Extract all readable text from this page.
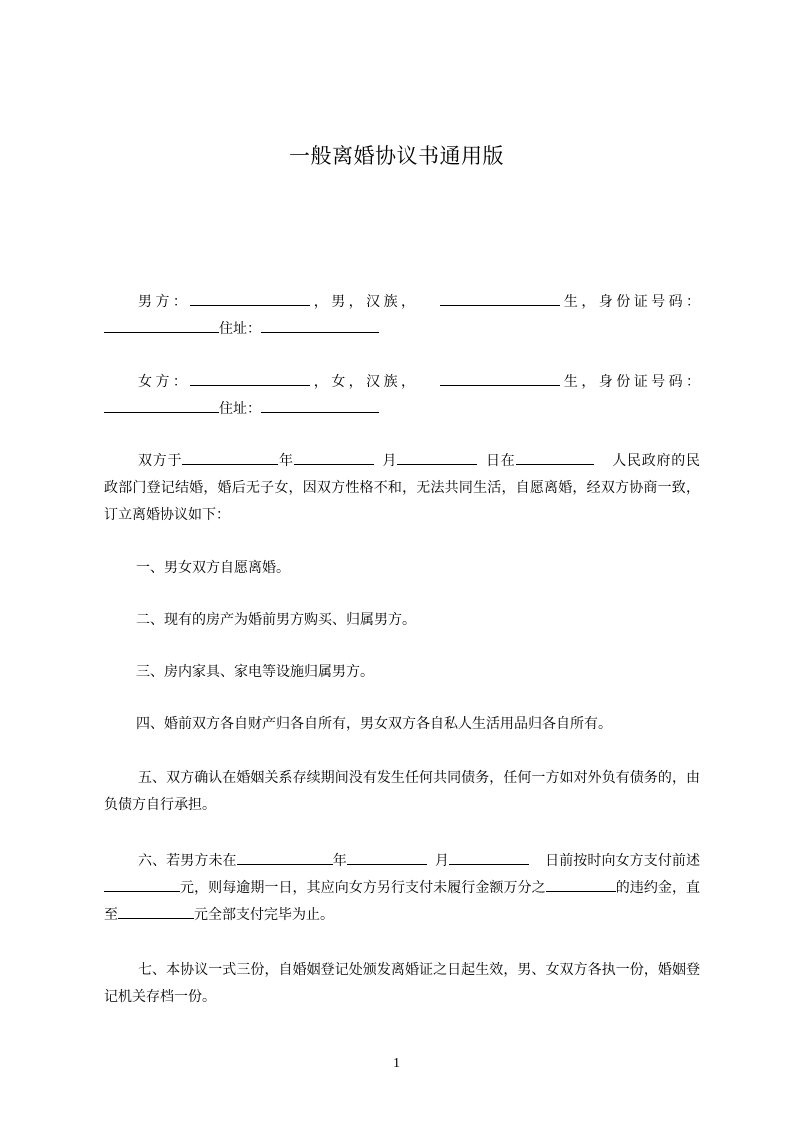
一般离婚协议书通用版
男方：	，男，汉族，	生，身份证号码：住址：
女方：	，女，汉族，	生，身份证号码：住址：
双方于	年	月	日在	人民政府的民政部门登记结婚，婚后无子女，因双方性格不和，无法共同生活，自愿离婚，经双方协商一致，订立离婚协议如下：
一、男女双方自愿离婚。
二、现有的房产为婚前男方购买、归属男方。
三、房内家具、家电等设施归属男方。
四、婚前双方各自财产归各自所有，男女双方各自私人生活用品归各自所有。
五、双方确认在婚姻关系存续期间没有发生任何共同债务，任何一方如对外负有债务的，由负债方自行承担。
六、若男方未在	年	月	日前按时向女方支付前述元，则每逾期一日，其应向女方另行支付未履行金额万分之	的违约金，直至	元全部支付完毕为止。
七、本协议一式三份，自婚姻登记处颁发离婚证之日起生效，男、女双方各执一份，婚姻登记机关存档一份。
1
